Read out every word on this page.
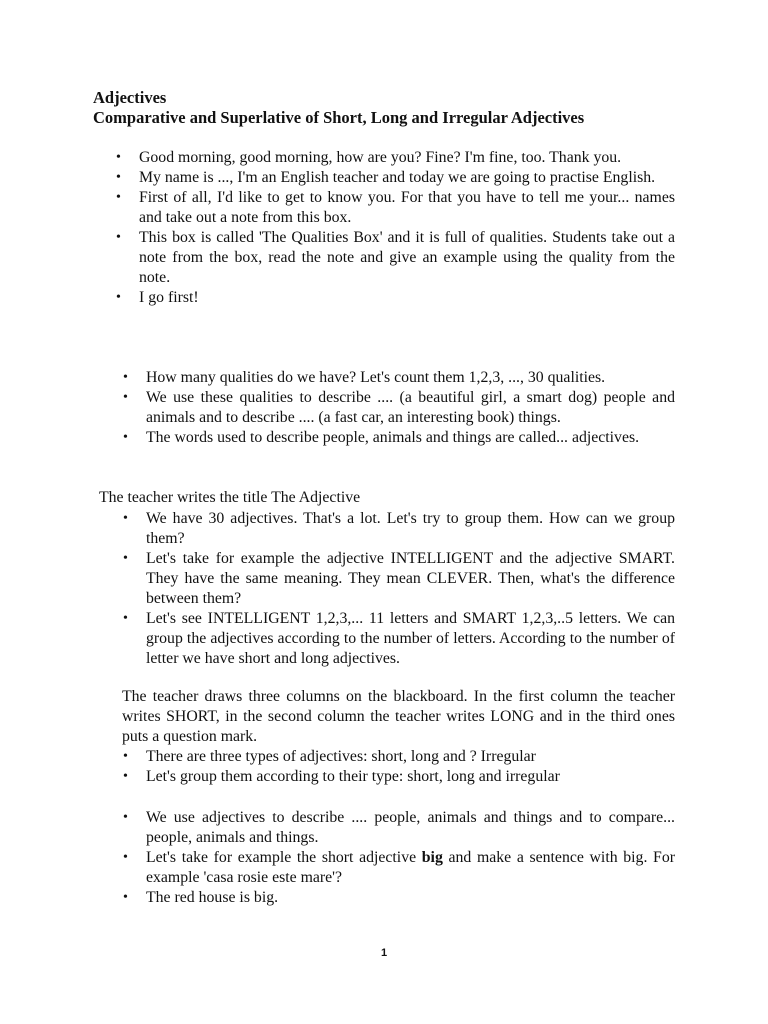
Adjectives
Comparative and Superlative of Short, Long and Irregular Adjectives
• Good morning, good morning, how are you? Fine? I'm fine, too. Thank you.
• My name is ..., I'm an English teacher and today we are going to practise English.
• First of all, I'd like to get to know you. For that you have to tell me your... names and take out a note from this box.
• This box is called 'The Qualities Box' and it is full of qualities. Students take out a note from the box, read the note and give an example using the quality from the note.
• I go first!
• How many qualities do we have? Let's count them 1,2,3, ..., 30 qualities.
• We use these qualities to describe .... (a beautiful girl, a smart dog) people and animals and to describe .... (a fast car, an interesting book) things.
• The words used to describe people, animals and things are called... adjectives.

The teacher writes the title The Adjective

• We have 30 adjectives. That's a lot. Let's try to group them. How can we group them?
• Let's take for example the adjective INTELLIGENT and the adjective SMART. They have the same meaning. They mean CLEVER. Then, what's the difference between them?
• Let's see INTELLIGENT 1,2,3,... 11 letters and SMART 1,2,3,..5 letters. We can group the adjectives according to the number of letters. According to the number of letter we have short and long adjectives.

The teacher draws three columns on the blackboard. In the first column the teacher writes SHORT, in the second column the teacher writes LONG and in the third ones puts a question mark.

• There are three types of adjectives: short, long and ? Irregular
• Let's group them according to their type: short, long and irregular
• We use adjectives to describe .... people, animals and things and to compare... people, animals and things.
• Let's take for example the short adjective big and make a sentence with big. For example 'casa rosie este mare'?
• The red house is big.
1
